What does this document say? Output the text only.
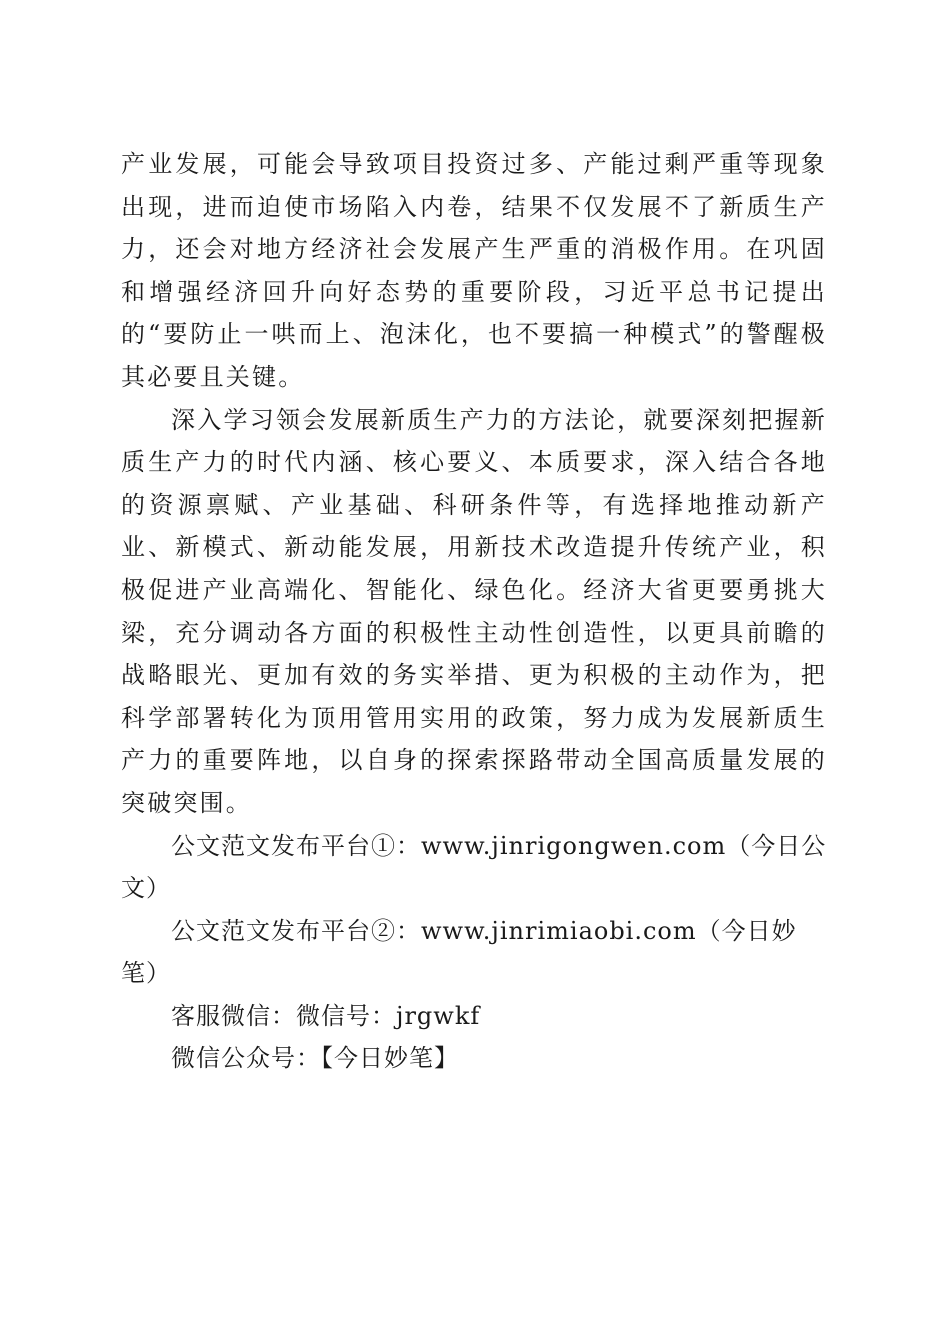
产业发展，可能会导致项目投资过多、产能过剩严重等现象出现，进而迫使市场陷入内卷，结果不仅发展不了新质生产力，还会对地方经济社会发展产生严重的消极作用。在巩固和增强经济回升向好态势的重要阶段，习近平总书记提出的“要防止一哄而上、泡沫化，也不要搞一种模式”的警醒极其必要且关键。

深入学习领会发展新质生产力的方法论，就要深刻把握新质生产力的时代内涵、核心要义、本质要求，深入结合各地的资源禀赋、产业基础、科研条件等，有选择地推动新产业、新模式、新动能发展，用新技术改造提升传统产业，积极促进产业高端化、智能化、绿色化。经济大省更要勇挑大梁，充分调动各方面的积极性主动性创造性，以更具前瞻的战略眼光、更加有效的务实举措、更为积极的主动作为，把科学部署转化为顶用管用实用的政策，努力成为发展新质生产力的重要阵地，以自身的探索探路带动全国高质量发展的突破突围。

公文范文发布平台①：www.jinrigongwen.com（今日公文）

公文范文发布平台②：www.jinrimiaobi.com（今日妙笔）

客服微信：微信号：jrgwkf

微信公众号：【今日妙笔】
